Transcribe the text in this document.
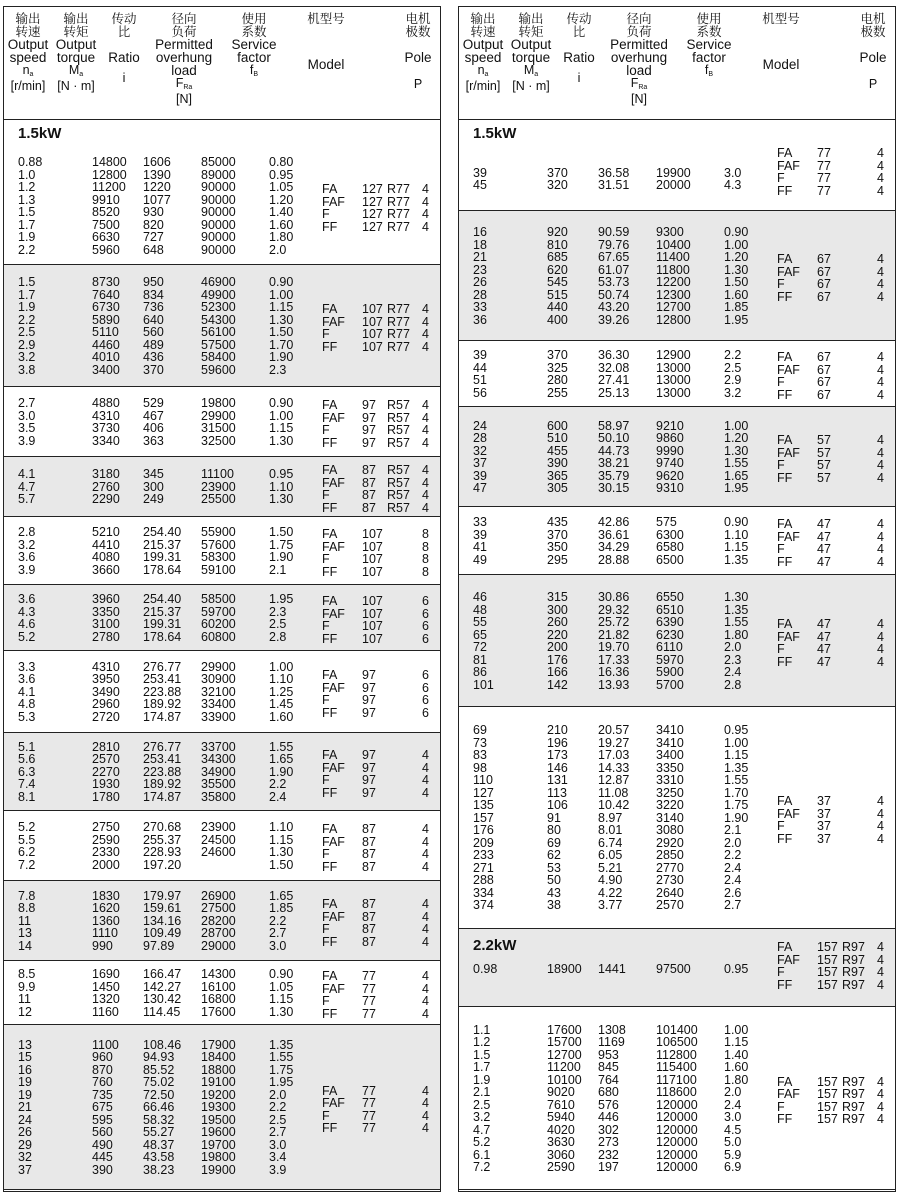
输出
转速
Output
speed
$n_a$
[r/min]
输出
转矩
Output
torque
$M_a$
[N · m]
传动
比
Ratio
i
径向
负荷
Permitted
overhung
load
$F_{Ra}$
[N]
使用
系数
Service
factor
$f_B$
机型号
Model
电机
极数
Pole
P
1.5kW
0.88
1.0
1.2
1.3
1.5
1.7
1.9
2.2
14800
12800
11200
9910
8520
7500
6630
5960
1606
1390
1220
1077
930
820
727
648
85000
89000
90000
90000
90000
90000
90000
90000
0.80
0.95
1.05
1.20
1.40
1.60
1.80
2.0
FA
FAF
F
FF
127
127
127
127
R77
R77
R77
R77
4
4
4
4
1.5
1.7
1.9
2.2
2.5
2.9
3.2
3.8
8730
7640
6730
5890
5110
4460
4010
3400
950
834
736
640
560
489
436
370
46900
49900
52300
54300
56100
57500
58400
59600
0.90
1.00
1.15
1.30
1.50
1.70
1.90
2.3
FA
FAF
F
FF
107
107
107
107
R77
R77
R77
R77
4
4
4
4
2.7
3.0
3.5
3.9
4880
4310
3730
3340
529
467
406
363
19800
29900
31500
32500
0.90
1.00
1.15
1.30
FA
FAF
F
FF
97
97
97
97
R57
R57
R57
R57
4
4
4
4
4.1
4.7
5.7
3180
2760
2290
345
300
249
11100
23900
25500
0.95
1.10
1.30
FA
FAF
F
FF
87
87
87
87
R57
R57
R57
R57
4
4
4
4
2.8
3.2
3.6
3.9
5210
4410
4080
3660
254.40
215.37
199.31
178.64
55900
57600
58300
59100
1.50
1.75
1.90
2.1
FA
FAF
F
FF
107
107
107
107
8
8
8
8
3.6
4.3
4.6
5.2
3960
3350
3100
2780
254.40
215.37
199.31
178.64
58500
59700
60200
60800
1.95
2.3
2.5
2.8
FA
FAF
F
FF
107
107
107
107
6
6
6
6
3.3
3.6
4.1
4.8
5.3
4310
3950
3490
2960
2720
276.77
253.41
223.88
189.92
174.87
29900
30900
32100
33400
33900
1.00
1.10
1.25
1.45
1.60
FA
FAF
F
FF
97
97
97
97
6
6
6
6
5.1
5.6
6.3
7.4
8.1
2810
2570
2270
1930
1780
276.77
253.41
223.88
189.92
174.87
33700
34300
34900
35500
35800
1.55
1.65
1.90
2.2
2.4
FA
FAF
F
FF
97
97
97
97
4
4
4
4
5.2
5.5
6.2
7.2
2750
2590
2330
2000
270.68
255.37
228.93
197.20
23900
24500
24600
1.10
1.15
1.30
1.50
FA
FAF
F
FF
87
87
87
87
4
4
4
4
7.8
8.8
11
13
14
1830
1620
1360
1110
990
179.97
159.61
134.16
109.49
97.89
26900
27500
28200
28700
29000
1.65
1.85
2.2
2.7
3.0
FA
FAF
F
FF
87
87
87
87
4
4
4
4
8.5
9.9
11
12
1690
1450
1320
1160
166.47
142.27
130.42
114.45
14300
16100
16800
17600
0.90
1.05
1.15
1.30
FA
FAF
F
FF
77
77
77
77
4
4
4
4
13
15
16
19
19
21
24
26
29
32
37
1100
960
870
760
735
675
595
560
490
445
390
108.46
94.93
85.52
75.02
72.50
66.46
58.32
55.27
48.37
43.58
38.23
17900
18400
18800
19100
19200
19300
19500
19600
19700
19800
19900
1.35
1.55
1.75
1.95
2.0
2.2
2.5
2.7
3.0
3.4
3.9
FA
FAF
F
FF
77
77
77
77
4
4
4
4
输出
转速
Output
speed
$n_a$
[r/min]
输出
转矩
Output
torque
$M_a$
[N · m]
传动
比
Ratio
i
径向
负荷
Permitted
overhung
load
$F_{Ra}$
[N]
使用
系数
Service
factor
$f_B$
机型号
Model
电机
极数
Pole
P
1.5kW
39
45
370
320
36.58
31.51
19900
20000
3.0
4.3
FA
FAF
F
FF
77
77
77
77
4
4
4
4
16
18
21
23
26
28
33
36
920
810
685
620
545
515
440
400
90.59
79.76
67.65
61.07
53.73
50.74
43.20
39.26
9300
10400
11400
11800
12200
12300
12700
12800
0.90
1.00
1.20
1.30
1.50
1.60
1.85
1.95
FA
FAF
F
FF
67
67
67
67
4
4
4
4
39
44
51
56
370
325
280
255
36.30
32.08
27.41
25.13
12900
13000
13000
13000
2.2
2.5
2.9
3.2
FA
FAF
F
FF
67
67
67
67
4
4
4
4
24
28
32
37
39
47
600
510
455
390
365
305
58.97
50.10
44.73
38.21
35.79
30.15
9210
9860
9990
9740
9620
9310
1.00
1.20
1.30
1.55
1.65
1.95
FA
FAF
F
FF
57
57
57
57
4
4
4
4
33
39
41
49
435
370
350
295
42.86
36.61
34.29
28.88
575
6300
6580
6500
0.90
1.10
1.15
1.35
FA
FAF
F
FF
47
47
47
47
4
4
4
4
46
48
55
65
72
81
86
101
315
300
260
220
200
176
166
142
30.86
29.32
25.72
21.82
19.70
17.33
16.36
13.93
6550
6510
6390
6230
6110
5970
5900
5700
1.30
1.35
1.55
1.80
2.0
2.3
2.4
2.8
FA
FAF
F
FF
47
47
47
47
4
4
4
4
69
73
83
98
110
127
135
157
176
209
233
271
288
334
374
210
196
173
146
131
113
106
91
80
69
62
53
50
43
38
20.57
19.27
17.03
14.33
12.87
11.08
10.42
8.97
8.01
6.74
6.05
5.21
4.90
4.22
3.77
3410
3410
3400
3350
3310
3250
3220
3140
3080
2920
2850
2770
2730
2640
2570
0.95
1.00
1.15
1.35
1.55
1.70
1.75
1.90
2.1
2.0
2.2
2.4
2.4
2.6
2.7
FA
FAF
F
FF
37
37
37
37
4
4
4
4
0.98	18900 1441 97500	0.95
FA
FAF
F
FF
157
157
157
157
R97
R97
R97
R97
4
4
4
4
1.1
1.2
1.5
1.7
1.9
2.1
2.5
3.2
4.7
5.2
6.1
7.2
17600
15700
12700
11200
10100
9020
7610
5940
4020
3630
3060
2590
1308
1169
953
845
764
680
576
446
302
273
232
197
101400
106500
112800
115400
117100
118600
120000
120000
120000
120000
120000
120000
1.00
1.15
1.40
1.60
1.80
2.0
2.4
3.0
4.5
5.0
5.9
6.9
FA
FAF
F
FF
157
157
157
157
R97
R97
R97
R97
4
4
4
4
2.2kW
